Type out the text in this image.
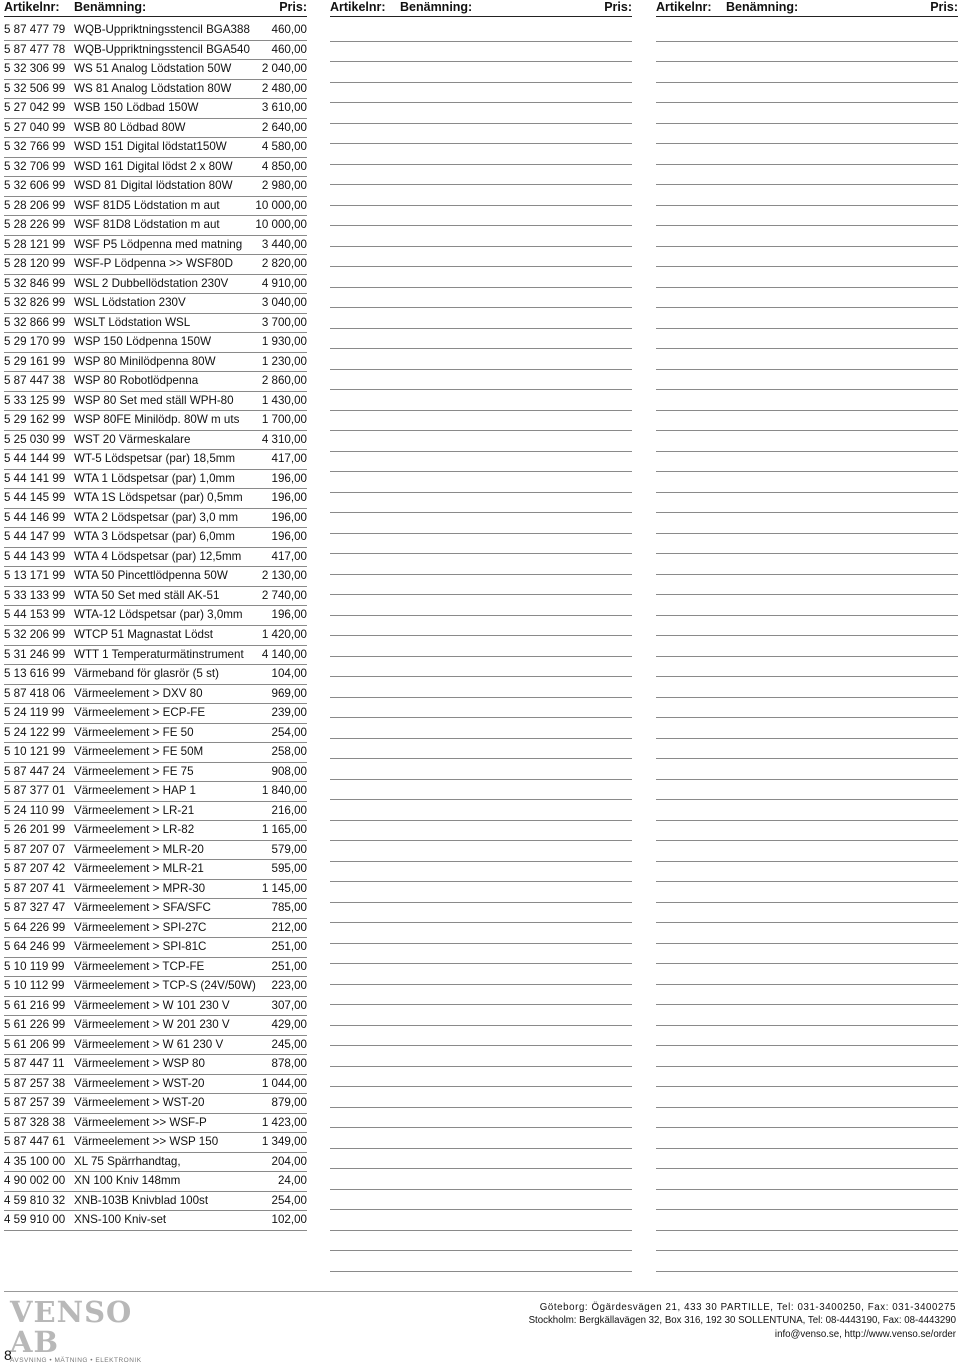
Artikelnr: Benämning:	Pris:
5 87 477 79 WQB-Uppriktningsstencil BGA388 460,00
5 87 477 78 WQB-Uppriktningsstencil BGA540 460,00
5 32 306 99 WS 51 Analog Lödstation 50W	2 040,00
5 32 506 99 WS 81 Analog Lödstation 80W	2 480,00
5 27 042 99 WSB 150 Lödbad 150W	3 610,00
5 27 040 99 WSB 80 Lödbad 80W	2 640,00
5 32 766 99 WSD 151 Digital lödstat150W	4 580,00
5 32 706 99 WSD 161 Digital lödst 2 x 80W	4 850,00
5 32 606 99 WSD 81 Digital lödstation 80W	2 980,00
5 28 206 99 WSF 81D5 Lödstation m aut	10 000,00
5 28 226 99 WSF 81D8 Lödstation m aut	10 000,00
5 28 121 99 WSF P5 Lödpenna med matning 3 440,00
5 28 120 99 WSF-P Lödpenna >> WSF80D 2 820,00
5 32 846 99 WSL 2 Dubbellödstation 230V	4 910,00
5 32 826 99 WSL Lödstation 230V	3 040,00
5 32 866 99 WSLT Lödstation WSL	3 700,00
5 29 170 99 WSP 150 Lödpenna 150W	1 930,00
5 29 161 99 WSP 80 Minilödpenna 80W	1 230,00
5 87 447 38 WSP 80 Robotlödpenna	2 860,00
5 33 125 99 WSP 80 Set med ställ WPH-80 1 430,00
5 29 162 99 WSP 80FE Minilödp. 80W m uts 1 700,00
5 25 030 99 WST 20 Värmeskalare	4 310,00
5 44 144 99 WT-5 Lödspetsar (par) 18,5mm	417,00
5 44 141 99 WTA 1 Lödspetsar (par) 1,0mm	196,00
5 44 145 99 WTA 1S Lödspetsar (par) 0,5mm 196,00
5 44 146 99 WTA 2 Lödspetsar (par) 3,0 mm	196,00
5 44 147 99 WTA 3 Lödspetsar (par) 6,0mm	196,00
5 44 143 99 WTA 4 Lödspetsar (par) 12,5mm	417,00
5 13 171 99 WTA 50 Pincettlödpenna 50W	2 130,00
5 33 133 99 WTA 50 Set med ställ AK-51	2 740,00
5 44 153 99 WTA-12 Lödspetsar (par) 3,0mm 196,00
5 32 206 99 WTCP 51 Magnastat Lödst	1 420,00
5 31 246 99 WTT 1 Temperaturmätinstrument 4 140,00
5 13 616 99 Värmeband för glasrör (5 st)	104,00
5 87 418 06 Värmeelement > DXV 80	969,00
5 24 119 99 Värmeelement > ECP-FE	239,00
5 24 122 99 Värmeelement > FE 50	254,00
5 10 121 99 Värmeelement > FE 50M	258,00
5 87 447 24 Värmeelement > FE 75	908,00
5 87 377 01 Värmeelement > HAP 1	1 840,00
5 24 110 99 Värmeelement > LR-21	216,00
5 26 201 99 Värmeelement > LR-82	1 165,00
5 87 207 07 Värmeelement > MLR-20	579,00
5 87 207 42 Värmeelement > MLR-21	595,00
5 87 207 41 Värmeelement > MPR-30	1 145,00
5 87 327 47 Värmeelement > SFA/SFC	785,00
5 64 226 99 Värmeelement > SPI-27C	212,00
5 64 246 99 Värmeelement > SPI-81C	251,00
5 10 119 99 Värmeelement > TCP-FE	251,00
5 10 112 99 Värmeelement > TCP-S (24V/50W) 223,00
5 61 216 99 Värmeelement > W 101 230 V	307,00
5 61 226 99 Värmeelement > W 201 230 V	429,00
5 61 206 99 Värmeelement > W 61 230 V	245,00
5 87 447 11 Värmeelement > WSP 80	878,00
5 87 257 38 Värmeelement > WST-20	1 044,00
5 87 257 39 Värmeelement > WST-20	879,00
5 87 328 38 Värmeelement >> WSF-P	1 423,00
5 87 447 61 Värmeelement >> WSP 150	1 349,00
4 35 100 00 XL 75 Spärrhandtag,	204,00
4 90 002 00 XN 100 Kniv 148mm	24,00
4 59 810 32 XNB-103B Knivblad 100st	254,00
4 59 910 00 XNS-100 Kniv-set	102,00
Artikelnr: Benämning:	Pris: Artikelnr: Benämning:	Pris:
VENSO AB
AVSVNING • MÄTNING • ELEKTRONIK
8
Göteborg: Ögärdesvägen 21, 433 30 PARTILLE, Tel: 031-3400250, Fax: 031-3400275
Stockholm: Bergkällavägen 32, Box 316, 192 30 SOLLENTUNA, Tel: 08-4443190, Fax: 08-4443290
info@venso.se, http://www.venso.se/order
